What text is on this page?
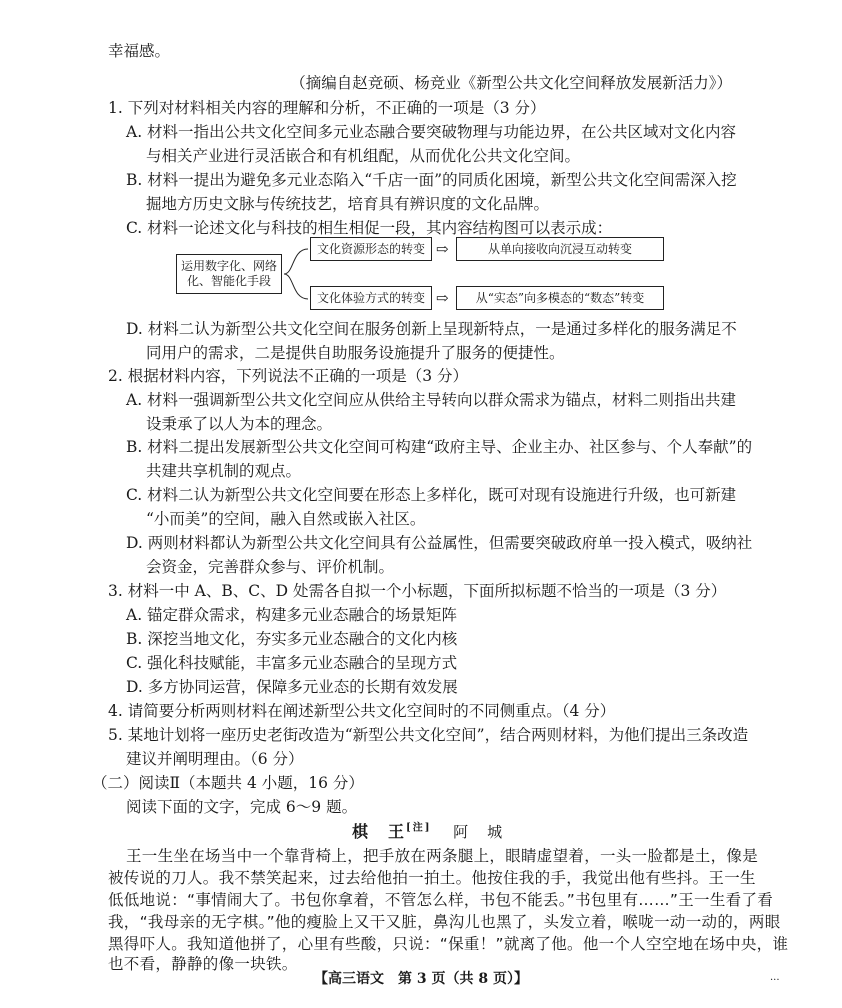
幸福感。
（摘编自赵竞硕、杨竞业《新型公共文化空间释放发展新活力》）
1. 下列对材料相关内容的理解和分析，不正确的一项是（3 分）
A. 材料一指出公共文化空间多元业态融合要突破物理与功能边界，在公共区域对文化内容
与相关产业进行灵活嵌合和有机组配，从而优化公共文化空间。
B. 材料一提出为避免多元业态陷入“千店一面”的同质化困境，新型公共文化空间需深入挖
掘地方历史文脉与传统技艺，培育具有辨识度的文化品牌。
C. 材料一论述文化与科技的相生相促一段，其内容结构图可以表示成：
运用数字化、网络化、智能化手段
文化资源形态的转变 ⇨	从单向接收向沉浸互动转变
文化体验方式的转变 ⇨	从“实态”向多模态的“数态”转变
D. 材料二认为新型公共文化空间在服务创新上呈现新特点，一是通过多样化的服务满足不
同用户的需求，二是提供自助服务设施提升了服务的便捷性。
2. 根据材料内容，下列说法不正确的一项是（3 分）
A. 材料一强调新型公共文化空间应从供给主导转向以群众需求为锚点，材料二则指出共建
设秉承了以人为本的理念。
B. 材料二提出发展新型公共文化空间可构建“政府主导、企业主办、社区参与、个人奉献”的
共建共享机制的观点。
C. 材料二认为新型公共文化空间要在形态上多样化，既可对现有设施进行升级，也可新建
“小而美”的空间，融入自然或嵌入社区。
D. 两则材料都认为新型公共文化空间具有公益属性，但需要突破政府单一投入模式，吸纳社
会资金，完善群众参与、评价机制。
3. 材料一中 A、B、C、D 处需各自拟一个小标题，下面所拟标题不恰当的一项是（3 分）
A. 锚定群众需求，构建多元业态融合的场景矩阵
B. 深挖当地文化，夯实多元业态融合的文化内核
C. 强化科技赋能，丰富多元业态融合的呈现方式
D. 多方协同运营，保障多元业态的长期有效发展
4. 请简要分析两则材料在阐述新型公共文化空间时的不同侧重点。（4 分）
5. 某地计划将一座历史老街改造为“新型公共文化空间”，结合两则材料，为他们提出三条改造
建议并阐明理由。（6 分）
（二）阅读Ⅱ（本题共 4 小题，16 分）
阅读下面的文字，完成 6～9 题。
棋　王[注] 阿　城
王一生坐在场当中一个靠背椅上，把手放在两条腿上，眼睛虚望着，一头一脸都是土，像是
被传说的刀人。我不禁笑起来，过去给他拍一拍土。他按住我的手，我觉出他有些抖。王一生
低低地说：“事情闹大了。书包你拿着，不管怎么样，书包不能丢。”书包里有……”王一生看了看
我，“我母亲的无字棋。”他的瘦脸上又干又脏，鼻沟儿也黑了，头发立着，喉咙一动一动的，两眼
黑得吓人。我知道他拼了，心里有些酸，只说：“保重！”就离了他。他一个人空空地在场中央，谁
也不看，静静的像一块铁。
【高三语文　第 3 页（共 8 页）】	...
